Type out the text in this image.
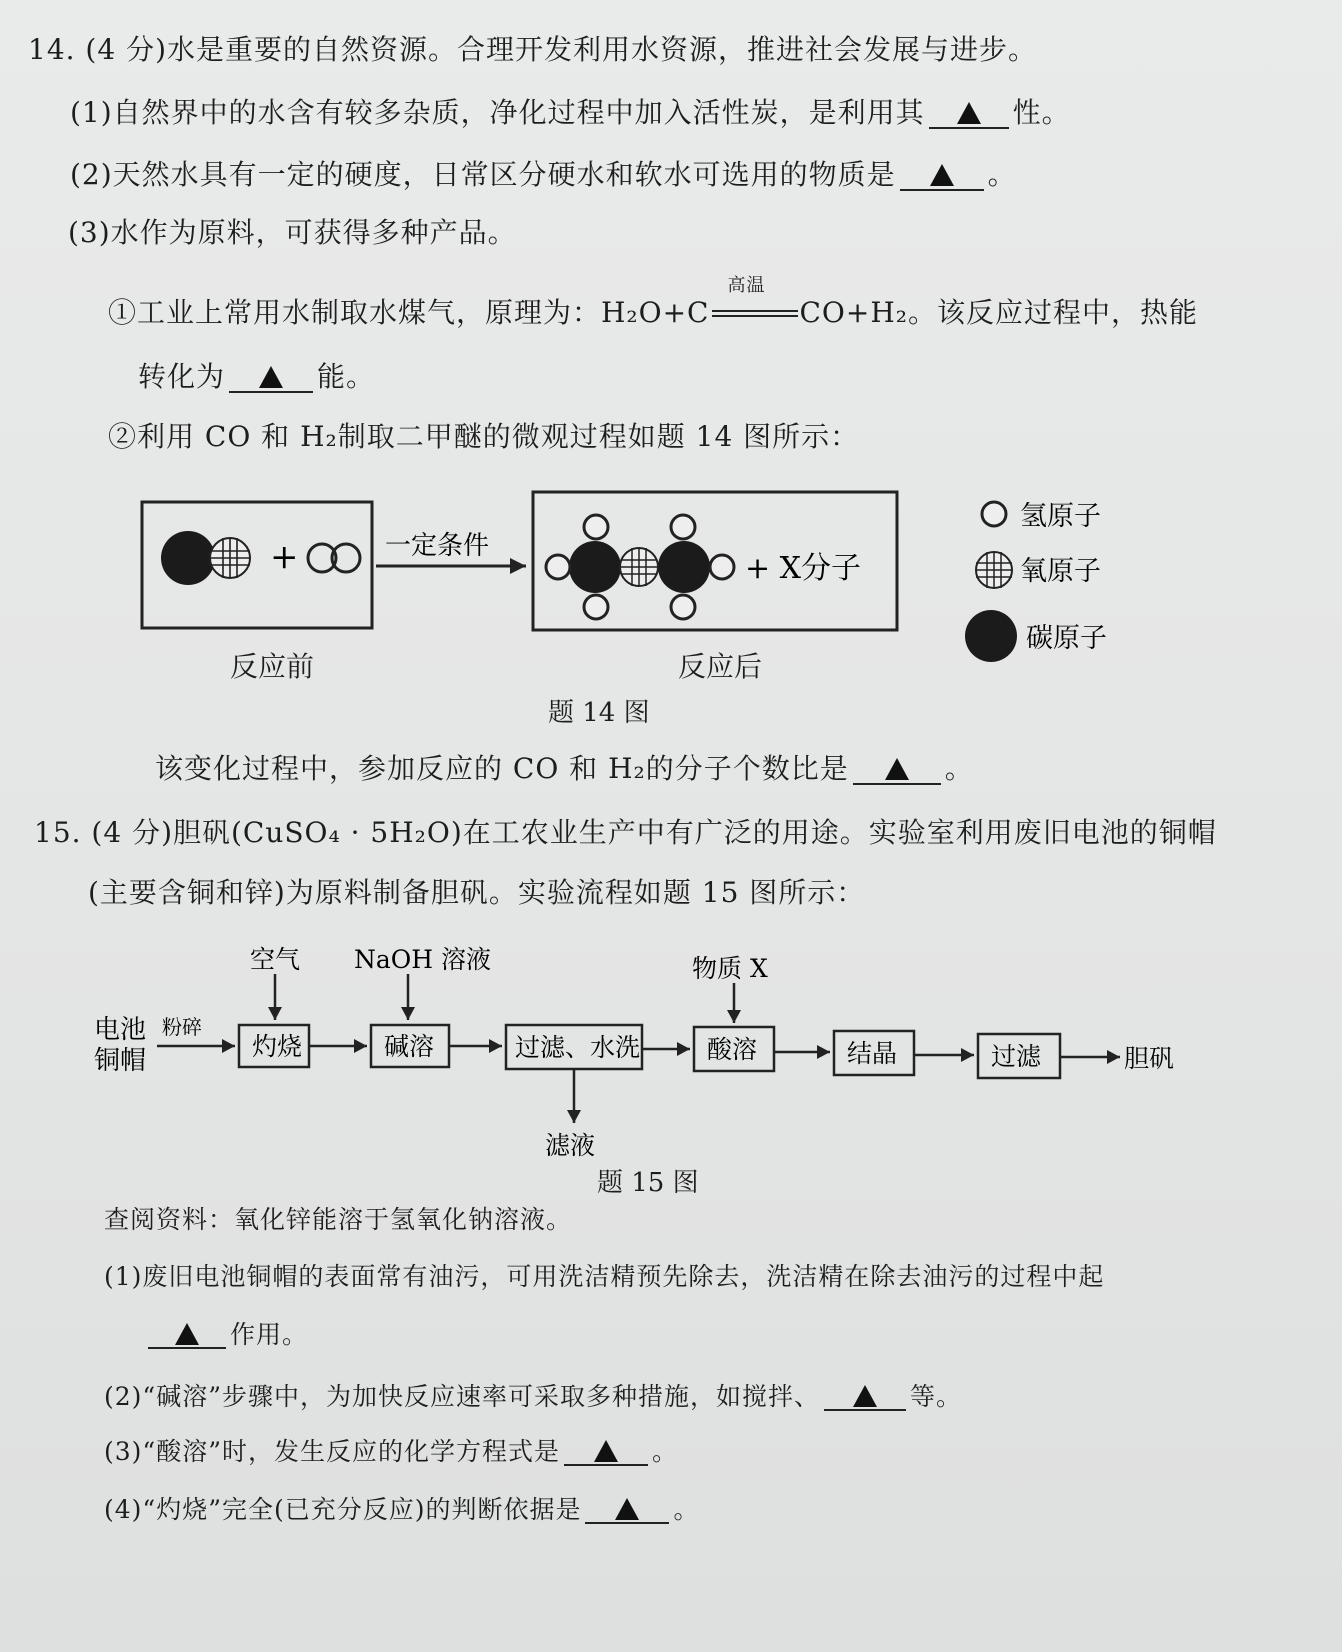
14. (4 分)水是重要的自然资源。合理开发利用水资源，推进社会发展与进步。
(1)自然界中的水含有较多杂质，净化过程中加入活性炭，是利用其	性。
(2)天然水具有一定的硬度，日常区分硬水和软水可选用的物质是	。
(3)水作为原料，可获得多种产品。
①工业上常用水制取水煤气，原理为：H₂O+C
高温
CO+H₂。该反应过程中，热能
转化为	能。
②利用 CO 和 H₂制取二甲醚的微观过程如题 14 图所示：
+	一定条件
+ X分子
氢原子
氧原子
碳原子
反应前	反应后
题 14 图
该变化过程中，参加反应的 CO 和 H₂的分子个数比是	。
15. (4 分)胆矾(CuSO₄ · 5H₂O)在工农业生产中有广泛的用途。实验室利用废旧电池的铜帽
(主要含铜和锌)为原料制备胆矾。实验流程如题 15 图所示：
电池
铜帽
粉碎
灼烧
空气
碱溶
NaOH 溶液
过滤、水洗
滤液
酸溶
物质 X
结晶	过滤	胆矾
题 15 图
查阅资料：氧化锌能溶于氢氧化钠溶液。
(1)废旧电池铜帽的表面常有油污，可用洗洁精预先除去，洗洁精在除去油污的过程中起
作用。
(2)“碱溶”步骤中，为加快反应速率可采取多种措施，如搅拌、	等。
(3)“酸溶”时，发生反应的化学方程式是	。
(4)“灼烧”完全(已充分反应)的判断依据是	。
